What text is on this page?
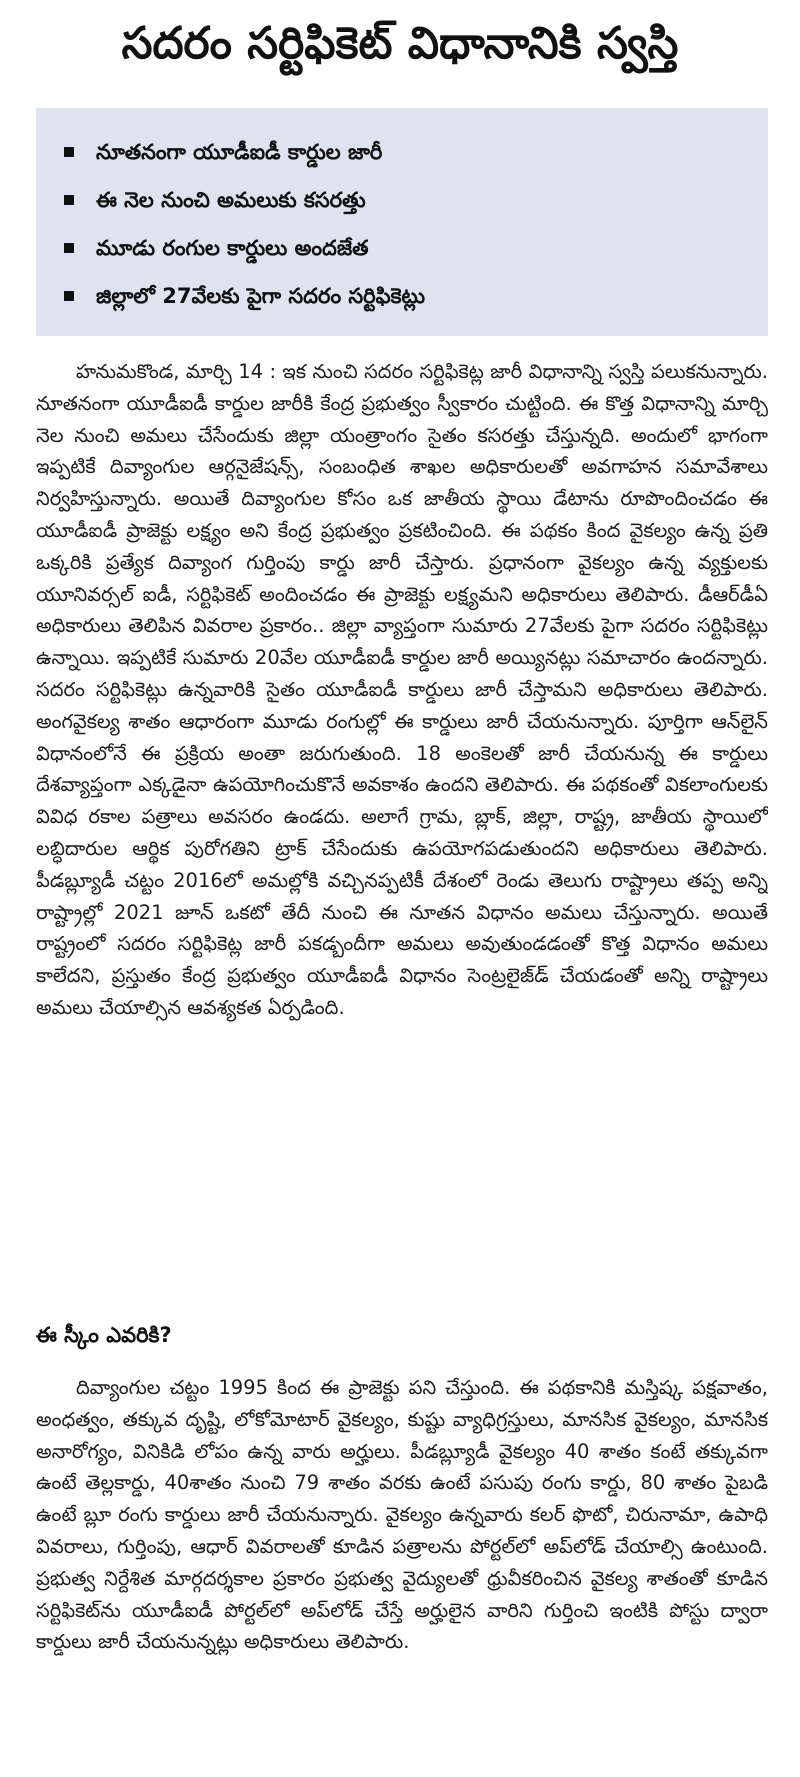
సదరం సర్టిఫికెట్ విధానానికి స్వస్తి
నూతనంగా యూడీఐడీ కార్డుల జారీ
ఈ నెల నుంచి అమలుకు కసరత్తు
మూడు రంగుల కార్డులు అందజేత
జిల్లాలో 27వేలకు పైగా సదరం సర్టిఫికెట్లు

హనుమకొండ, మార్చి 14 : ఇక నుంచి సదరం సర్టిఫికెట్ల జారీ విధానాన్ని స్వస్తి పలుకనున్నారు. నూతనంగా యూడీఐడీ కార్డుల జారీకి కేంద్ర ప్రభుత్వం స్వీకారం చుట్టింది. ఈ కొత్త విధానాన్ని మార్చి నెల నుంచి అమలు చేసేందుకు జిల్లా యంత్రాంగం సైతం కసరత్తు చేస్తున్నది. అందులో భాగంగా ఇప్పటికే దివ్యాంగుల ఆర్గనైజేషన్స్, సంబంధిత శాఖల అధికారులతో అవగాహన సమావేశాలు నిర్వహిస్తున్నారు. అయితే దివ్యాంగుల కోసం ఒక జాతీయ స్థాయి డేటాను రూపొందించడం ఈ యూడీఐడీ ప్రాజెక్టు లక్ష్యం అని కేంద్ర ప్రభుత్వం ప్రకటించింది. ఈ పథకం కింద వైకల్యం ఉన్న ప్రతి ఒక్కరికి ప్రత్యేక దివ్యాంగ గుర్తింపు కార్డు జారీ చేస్తారు. ప్రధానంగా వైకల్యం ఉన్న వ్యక్తులకు యూనివర్సల్ ఐడీ, సర్టిఫికెట్ అందించడం ఈ ప్రాజెక్టు లక్ష్యమని అధికారులు తెలిపారు. డీఆర్‌డీఏ అధికారులు తెలిపిన వివరాల ప్రకారం.. జిల్లా వ్యాప్తంగా సుమారు 27వేలకు పైగా సదరం సర్టిఫికెట్లు ఉన్నాయి. ఇప్పటికే సుమారు 20వేల యూడీఐడీ కార్డుల జారీ అయ్యినట్లు సమాచారం ఉందన్నారు. సదరం సర్టిఫికెట్లు ఉన్నవారికి సైతం యూడీఐడీ కార్డులు జారీ చేస్తామని అధికారులు తెలిపారు. అంగవైకల్య శాతం ఆధారంగా మూడు రంగుల్లో ఈ కార్డులు జారీ చేయనున్నారు. పూర్తిగా ఆన్‌లైన్ విధానంలోనే ఈ ప్రక్రియ అంతా జరుగుతుంది. 18 అంకెలతో జారీ చేయనున్న ఈ కార్డులు దేశవ్యాప్తంగా ఎక్కడైనా ఉపయోగించుకొనే అవకాశం ఉందని తెలిపారు. ఈ పథకంతో వికలాంగులకు వివిధ రకాల పత్రాలు అవసరం ఉండదు. అలాగే గ్రామ, బ్లాక్, జిల్లా, రాష్ట్ర, జాతీయ స్థాయిలో లబ్ధిదారుల ఆర్థిక పురోగతిని ట్రాక్ చేసేందుకు ఉపయోగపడుతుందని అధికారులు తెలిపారు. పీడబ్ల్యూడీ చట్టం 2016లో అమల్లోకి వచ్చినప్పటికీ దేశంలో రెండు తెలుగు రాష్ట్రాలు తప్ప అన్ని రాష్ట్రాల్లో 2021 జూన్ ఒకటో తేదీ నుంచి ఈ నూతన విధానం అమలు చేస్తున్నారు. అయితే రాష్ట్రంలో సదరం సర్టిఫికెట్ల జారీ పకడ్బందీగా అమలు అవుతుండడంతో కొత్త విధానం అమలు కాలేదని, ప్రస్తుతం కేంద్ర ప్రభుత్వం యూడీఐడీ విధానం సెంట్రలైజ్‌డ్ చేయడంతో అన్ని రాష్ట్రాలు అమలు చేయాల్సిన ఆవశ్యకత ఏర్పడింది.

ఈ స్కీం ఎవరికి?

దివ్యాంగుల చట్టం 1995 కింద ఈ ప్రాజెక్టు పని చేస్తుంది. ఈ పథకానికి మస్తిష్క పక్షవాతం, అంధత్వం, తక్కువ దృష్టి, లోకోమోటార్ వైకల్యం, కుష్టు వ్యాధిగ్రస్తులు, మానసిక వైకల్యం, మానసిక అనారోగ్యం, వినికిడి లోపం ఉన్న వారు అర్హులు. పీడబ్ల్యూడీ వైకల్యం 40 శాతం కంటే తక్కువగా ఉంటే తెల్లకార్డు, 40శాతం నుంచి 79 శాతం వరకు ఉంటే పసుపు రంగు కార్డు, 80 శాతం పైబడి ఉంటే బ్లూ రంగు కార్డులు జారీ చేయనున్నారు. వైకల్యం ఉన్నవారు కలర్ ఫొటో, చిరునామా, ఉపాధి వివరాలు, గుర్తింపు, ఆధార్ వివరాలతో కూడిన పత్రాలను పోర్టల్‌లో అప్‌లోడ్ చేయాల్సి ఉంటుంది. ప్రభుత్వ నిర్దేశిత మార్గదర్శకాల ప్రకారం ప్రభుత్వ వైద్యులతో ధ్రువీకరించిన వైకల్య శాతంతో కూడిన సర్టిఫికెట్‌ను యూడీఐడీ పోర్టల్‌లో అప్‌లోడ్ చేస్తే అర్హులైన వారిని గుర్తించి ఇంటికి పోస్టు ద్వారా కార్డులు జారీ చేయనున్నట్లు అధికారులు తెలిపారు.
